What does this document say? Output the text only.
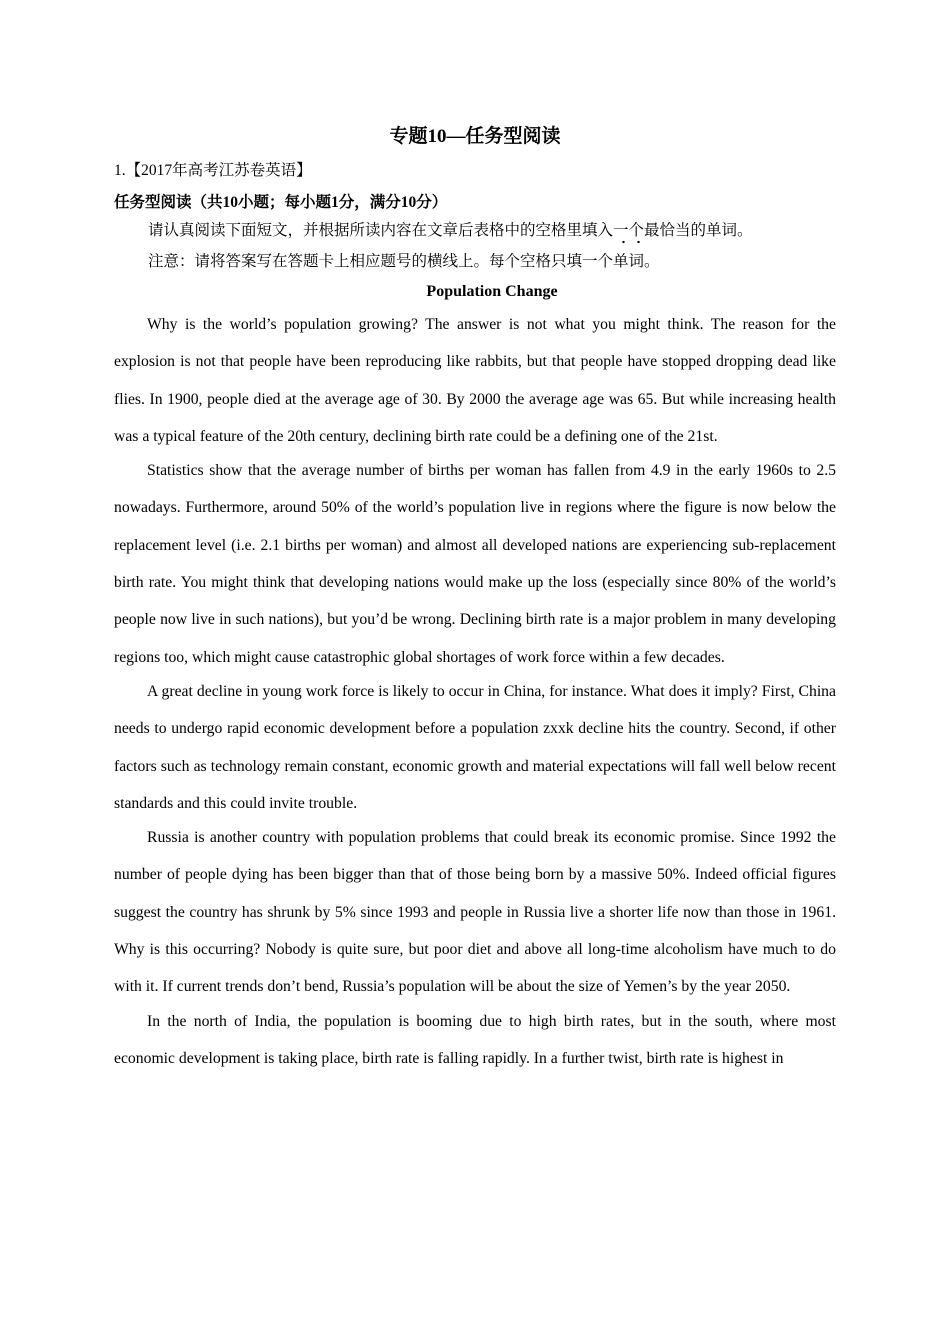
专题10—任务型阅读
1.【2017年高考江苏卷英语】
任务型阅读（共10小题；每小题1分，满分10分）
请认真阅读下面短文，并根据所读内容在文章后表格中的空格里填入一个最恰当的单词。
注意：请将答案写在答题卡上相应题号的横线上。每个空格只填一个单词。
Population Change

Why is the world’s population growing? The answer is not what you might think. The reason for the explosion is not that people have been reproducing like rabbits, but that people have stopped dropping dead like flies. In 1900, people died at the average age of 30. By 2000 the average age was 65. But while increasing health was a typical feature of the 20th century, declining birth rate could be a defining one of the 21st.

Statistics show that the average number of births per woman has fallen from 4.9 in the early 1960s to 2.5 nowadays. Furthermore, around 50% of the world’s population live in regions where the figure is now below the replacement level (i.e. 2.1 births per woman) and almost all developed nations are experiencing sub-replacement birth rate. You might think that developing nations would make up the loss (especially since 80% of the world’s people now live in such nations), but you’d be wrong. Declining birth rate is a major problem in many developing regions too, which might cause catastrophic global shortages of work force within a few decades.

A great decline in young work force is likely to occur in China, for instance. What does it imply? First, China needs to undergo rapid economic development before a population zxxk decline hits the country. Second, if other factors such as technology remain constant, economic growth and material expectations will fall well below recent standards and this could invite trouble.

Russia is another country with population problems that could break its economic promise. Since 1992 the number of people dying has been bigger than that of those being born by a massive 50%. Indeed official figures suggest the country has shrunk by 5% since 1993 and people in Russia live a shorter life now than those in 1961. Why is this occurring? Nobody is quite sure, but poor diet and above all long-time alcoholism have much to do with it. If current trends don’t bend, Russia’s population will be about the size of Yemen’s by the year 2050.

In the north of India, the population is booming due to high birth rates, but in the south, where most economic development is taking place, birth rate is falling rapidly. In a further twist, birth rate is highest in
